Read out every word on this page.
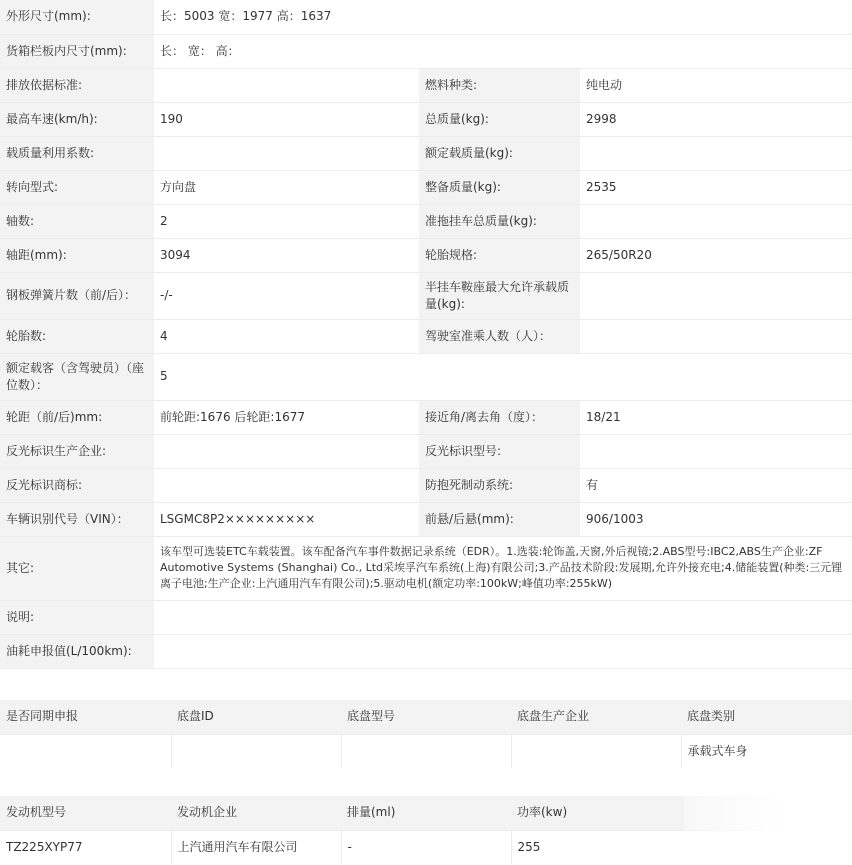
外形尺寸(mm):	长：5003 宽：1977 高：1637		
货箱栏板内尺寸(mm):	长： 宽： 高：		
排放依据标准:		燃料种类:	纯电动
最高车速(km/h):	190	总质量(kg):	2998
载质量利用系数:		额定载质量(kg):	
转向型式:	方向盘	整备质量(kg):	2535
轴数:	2	准拖挂车总质量(kg):	
轴距(mm):	3094	轮胎规格:	265/50R20
钢板弹簧片数（前/后）：	-/-	半挂车鞍座最大允许承载质量(kg):	
轮胎数:	4	驾驶室准乘人数（人）：	
额定载客（含驾驶员）（座位数）：	5		
轮距（前/后)mm:	前轮距:1676 后轮距:1677	接近角/离去角（度）：	18/21
反光标识生产企业:		反光标识型号:	
反光标识商标:		防抱死制动系统:	有
车辆识别代号（VIN）：	LSGMC8P2×××××××××	前悬/后悬(mm):	906/1003
其它:	该车型可选装ETC车载装置。该车配备汽车事件数据记录系统（EDR）。1.选装:轮饰盖,天窗,外后视镜;2.ABS型号:IBC2,ABS生产企业:ZF Automotive Systems (Shanghai) Co., Ltd采埃孚汽车系统(上海)有限公司;3.产品技术阶段:发展期,允许外接充电;4.储能装置(种类:三元锂离子电池;生产企业:上汽通用汽车有限公司);5.驱动电机(额定功率:100kW;峰值功率:255kW)		
说明:			
油耗申报值(L/100km):			
是否同期申报	底盘ID	底盘型号	底盘生产企业	底盘类别
				承载式车身
发动机型号	发动机企业	排量(ml)	功率(kw)	
TZ225XYP77	上汽通用汽车有限公司	-	255	
